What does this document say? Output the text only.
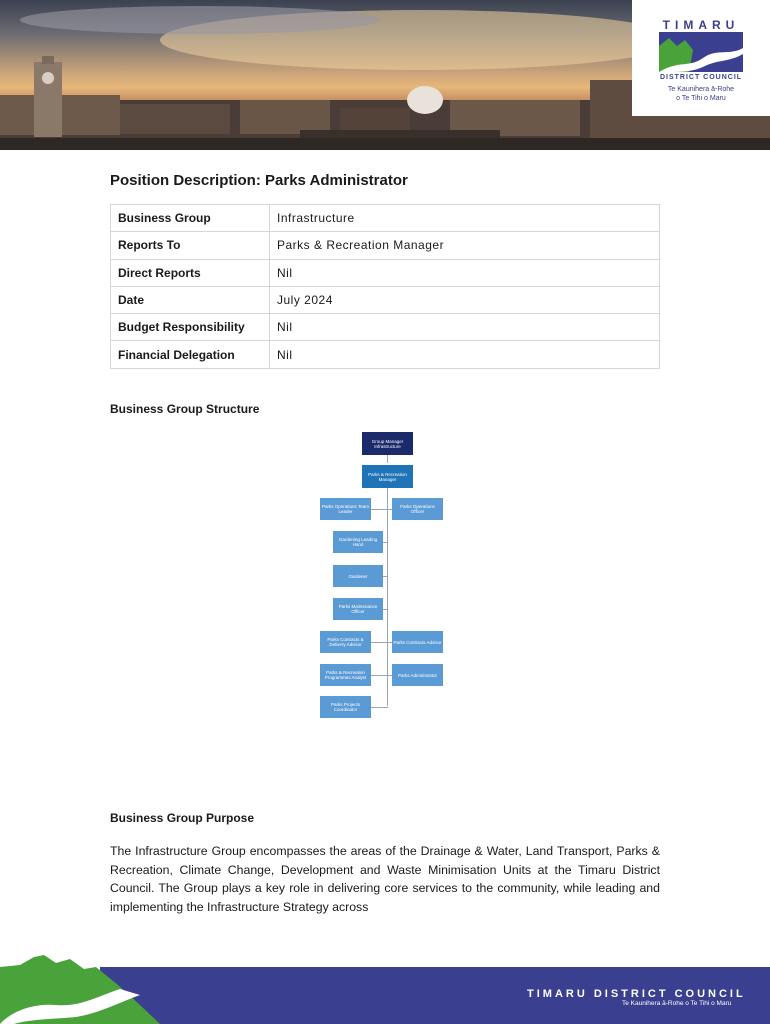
TIMARU
DISTRICT COUNCIL
Te Kaunihera ā-Rohe
o Te Tihi o Maru
Position Description: Parks Administrator
Business Group	Infrastructure
Reports To	Parks & Recreation Manager
Direct Reports	Nil
Date	July 2024
Budget Responsibility	Nil
Financial Delegation	Nil
Business Group Structure
Group Manager Infrastructure
Parks & Recreation Manager
Parks Operations Team Leader
Parks Operations Officer
Gardening Leading Hand
Gardener
Parks Maintenance Officer
Parks Contracts & Delivery Advisor	Parks Contracts Advisor
Parks & Recreation Programmes Analyst	Parks Administrator
Parks Projects Coordinator
Business Group Purpose
The Infrastructure Group encompasses the areas of the Drainage & Water, Land Transport, Parks & Recreation, Climate Change, Development and Waste Minimisation Units at the Timaru District Council. The Group plays a key role in delivering core services to the community, while leading and implementing the Infrastructure Strategy across
TIMARU DISTRICT COUNCIL
Te Kaunihera ā-Rohe o Te Tihi o Maru
